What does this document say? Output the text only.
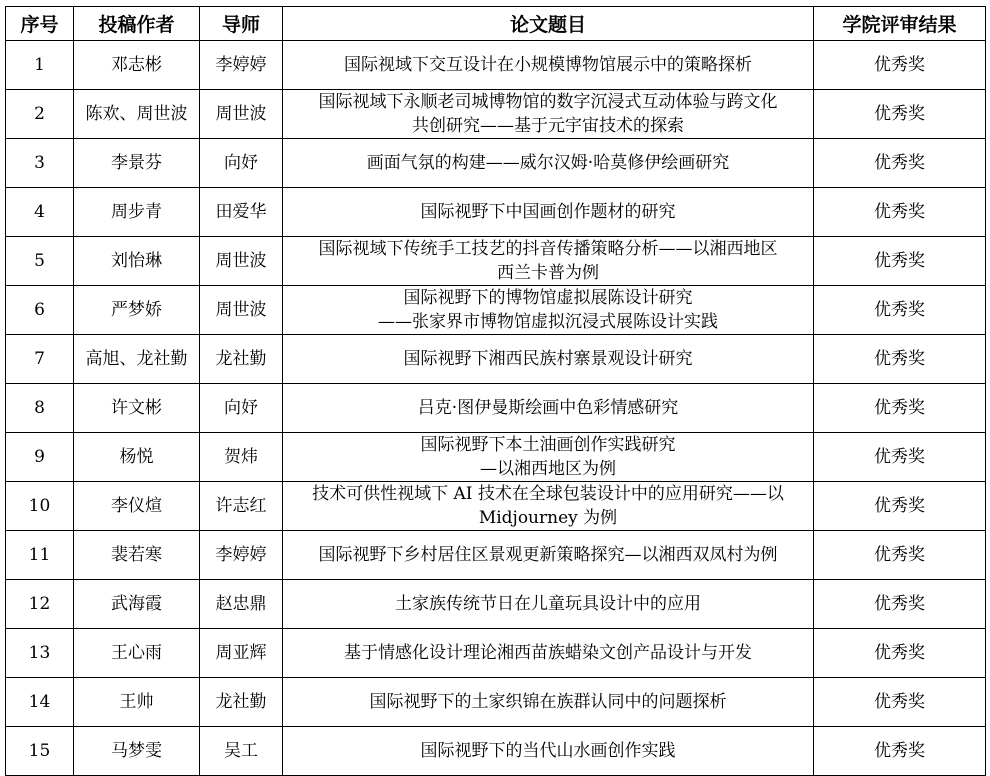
序号	投稿作者	导师	论文题目	学院评审结果
1	邓志彬	李婷婷	国际视域下交互设计在小规模博物馆展示中的策略探析	优秀奖
2	陈欢、周世波	周世波	国际视域下永顺老司城博物馆的数字沉浸式互动体验与跨文化
共创研究——基于元宇宙技术的探索	优秀奖
3	李景芬	向妤	画面气氛的构建——威尔汉姆·哈莫修伊绘画研究	优秀奖
4	周步青	田爱华	国际视野下中国画创作题材的研究	优秀奖
5	刘怡琳	周世波	国际视域下传统手工技艺的抖音传播策略分析——以湘西地区
西兰卡普为例	优秀奖
6	严梦娇	周世波	国际视野下的博物馆虚拟展陈设计研究
——张家界市博物馆虚拟沉浸式展陈设计实践	优秀奖
7	高旭、龙社勤	龙社勤	国际视野下湘西民族村寨景观设计研究	优秀奖
8	许文彬	向妤	吕克·图伊曼斯绘画中色彩情感研究	优秀奖
9	杨悦	贺炜	国际视野下本土油画创作实践研究
—以湘西地区为例	优秀奖
10	李仪煊	许志红	技术可供性视域下 AI 技术在全球包装设计中的应用研究——以
Midjourney 为例	优秀奖
11	裴若寒	李婷婷	国际视野下乡村居住区景观更新策略探究—以湘西双凤村为例	优秀奖
12	武海霞	赵忠鼎	土家族传统节日在儿童玩具设计中的应用	优秀奖
13	王心雨	周亚辉	基于情感化设计理论湘西苗族蜡染文创产品设计与开发	优秀奖
14	王帅	龙社勤	国际视野下的土家织锦在族群认同中的问题探析	优秀奖
15	马梦雯	吴工	国际视野下的当代山水画创作实践	优秀奖
